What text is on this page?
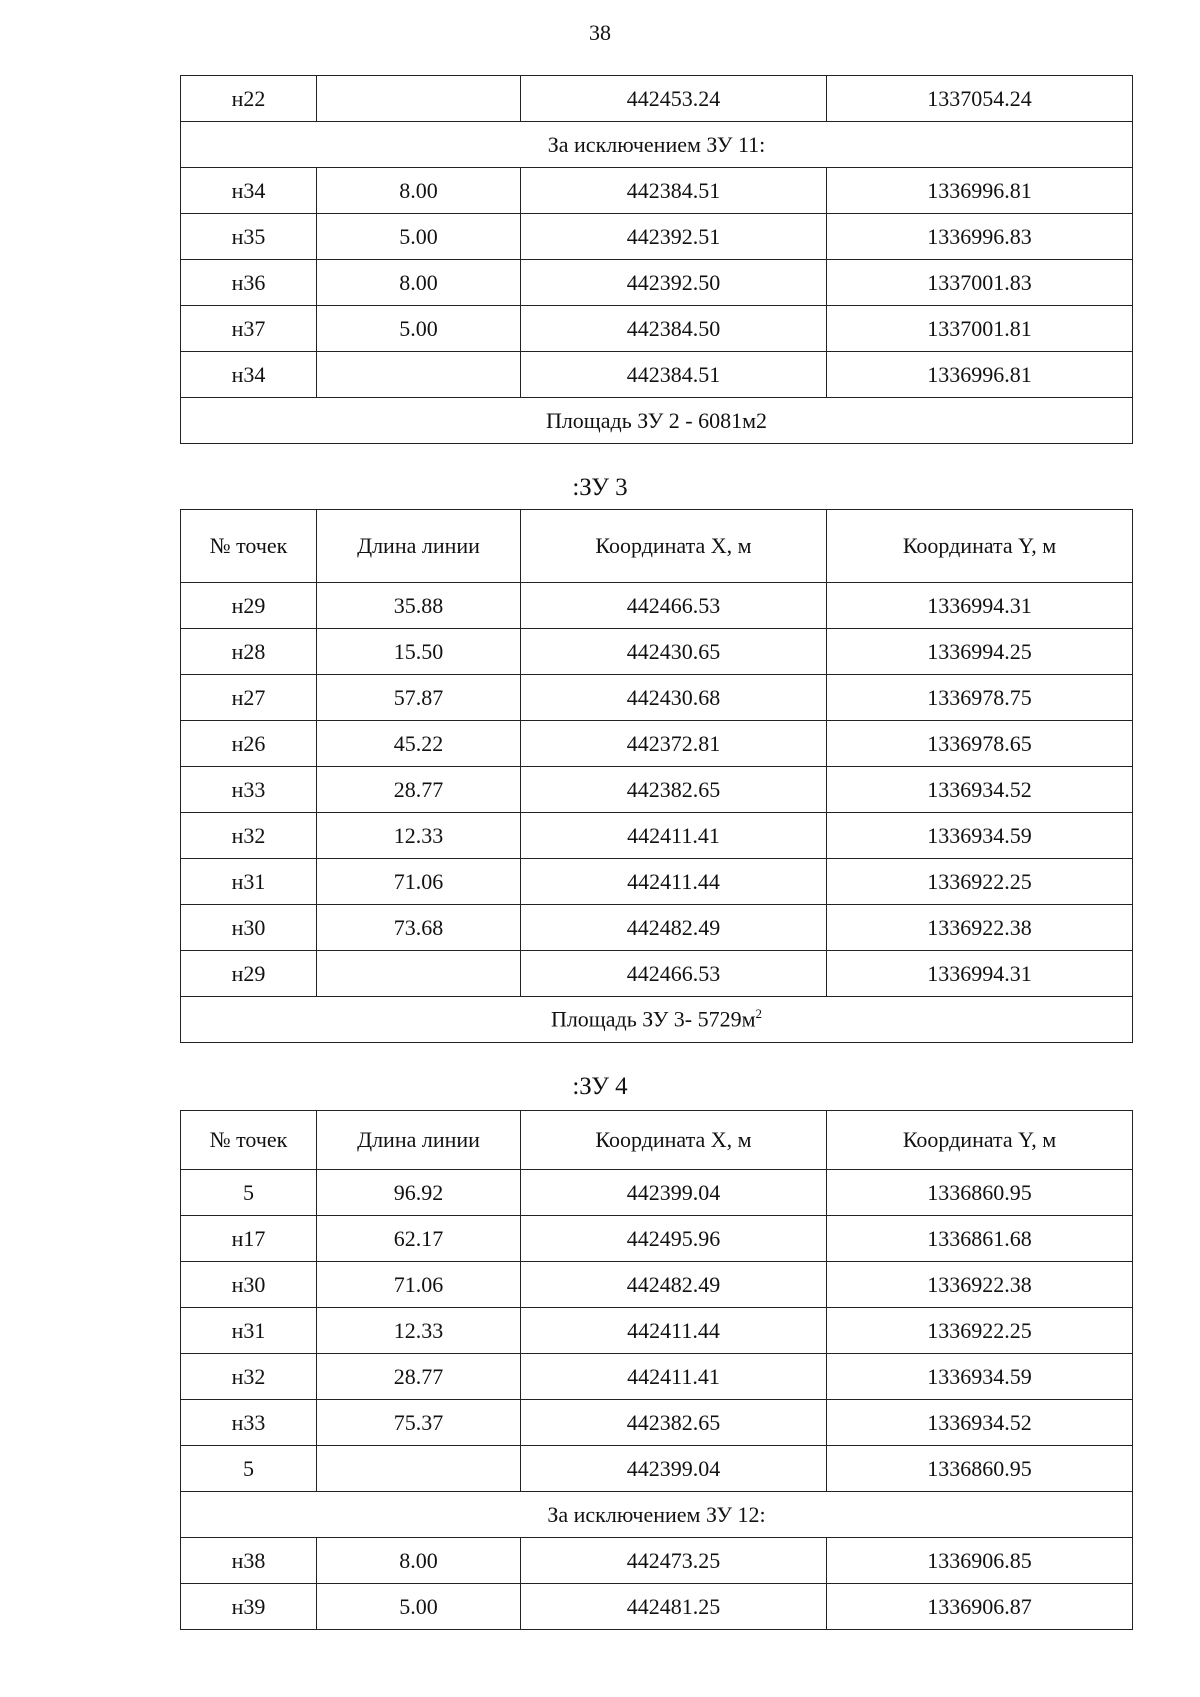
38
н22		442453.24	1337054.24
За исключением ЗУ 11:			
н34	8.00	442384.51	1336996.81
н35	5.00	442392.51	1336996.83
н36	8.00	442392.50	1337001.83
н37	5.00	442384.50	1337001.81
н34		442384.51	1336996.81
Площадь ЗУ 2 - 6081м2			
:ЗУ 3
№ точек	Длина линии	Координата X, м	Координата Y, м
н29	35.88	442466.53	1336994.31
н28	15.50	442430.65	1336994.25
н27	57.87	442430.68	1336978.75
н26	45.22	442372.81	1336978.65
н33	28.77	442382.65	1336934.52
н32	12.33	442411.41	1336934.59
н31	71.06	442411.44	1336922.25
н30	73.68	442482.49	1336922.38
н29		442466.53	1336994.31
Площадь ЗУ 3- $5729м^2$
:ЗУ 4
№ точек	Длина линии	Координата X, м	Координата Y, м
5	96.92	442399.04	1336860.95
н17	62.17	442495.96	1336861.68
н30	71.06	442482.49	1336922.38
н31	12.33	442411.44	1336922.25
н32	28.77	442411.41	1336934.59
н33	75.37	442382.65	1336934.52
5		442399.04	1336860.95
За исключением ЗУ 12:			
н38	8.00	442473.25	1336906.85
н39	5.00	442481.25	1336906.87
